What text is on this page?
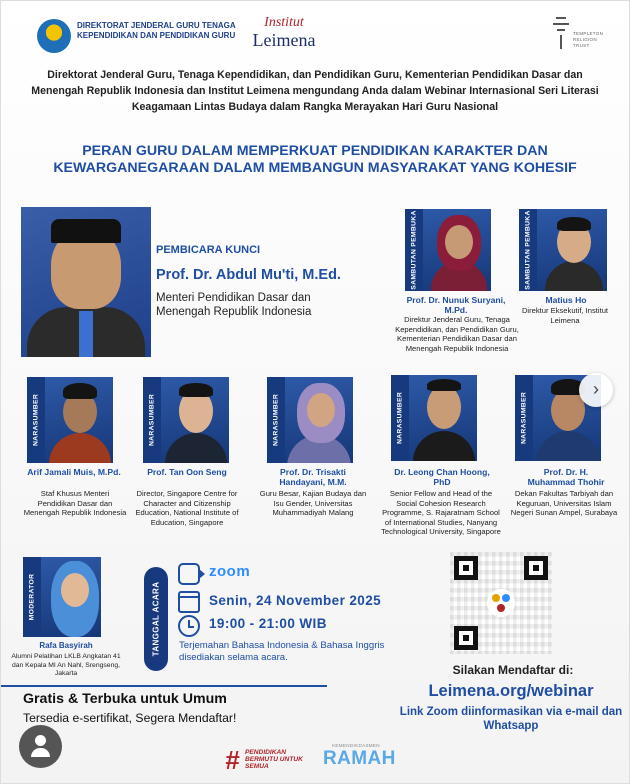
DIREKTORAT JENDERAL GURU TENAGA KEPENDIDIKAN DAN PENDIDIKAN GURU
Institut
Leimena	TEMPLETON RELIGION TRUST
Direktorat Jenderal Guru, Tenaga Kependidikan, dan Pendidikan Guru, Kementerian Pendidikan Dasar dan Menengah Republik Indonesia dan Institut Leimena mengundang Anda dalam Webinar Internasional Seri Literasi Keagamaan Lintas Budaya dalam Rangka Merayakan Hari Guru Nasional
PERAN GURU DALAM MEMPERKUAT PENDIDIKAN KARAKTER DAN KEWARGANEGARAAN DALAM MEMBANGUN MASYARAKAT YANG KOHESIF
PEMBICARA KUNCI
Prof. Dr. Abdul Mu'ti, M.Ed.
Menteri Pendidikan Dasar dan Menengah Republik Indonesia
SAMBUTAN PEMBUKA
Prof. Dr. Nunuk Suryani, M.Pd.
Direktur Jenderal Guru, Tenaga Kependidikan, dan Pendidikan Guru, Kementerian Pendidikan Dasar dan Menengah Republik Indonesia
SAMBUTAN PEMBUKA
Matius Ho
Direktur Eksekutif, Institut Leimena
NARASUMBER
Arif Jamali Muis, M.Pd.
Staf Khusus Menteri Pendidikan Dasar dan Menengah Republik Indonesia
NARASUMBER
Prof. Tan Oon Seng
Director, Singapore Centre for Character and Citizenship Education, National Institute of Education, Singapore
NARASUMBER
Prof. Dr. Trisakti Handayani, M.M.
Guru Besar, Kajian Budaya dan Isu Gender, Universitas Muhammadiyah Malang
NARASUMBER
Dr. Leong Chan Hoong, PhD
Senior Fellow and Head of the Social Cohesion Research Programme, S. Rajaratnam School of International Studies, Nanyang Technological University, Singapore
NARASUMBER
Prof. Dr. H. Muhammad Thohir
Dekan Fakultas Tarbiyah dan Keguruan, Universitas Islam Negeri Sunan Ampel, Surabaya
›
MODERATOR
Rafa Basyirah
Alumni Pelatihan LKLB Angkatan 41 dan Kepala MI An Nahl, Srengseng, Jakarta
TANGGAL ACARA
zoom
Senin, 24 November 2025
19:00 - 21:00 WIB
Terjemahan Bahasa Indonesia & Bahasa Inggris disediakan selama acara.
Silakan Mendaftar di:
Leimena.org/webinar
Link Zoom diinformasikan via e-mail dan Whatsapp
Gratis & Terbuka untuk Umum
Tersedia e-sertifikat, Segera Mendaftar!
# PENDIDIKAN BERMUTU UNTUK SEMUA
KEMENDIKDASMEN
RAMAH
